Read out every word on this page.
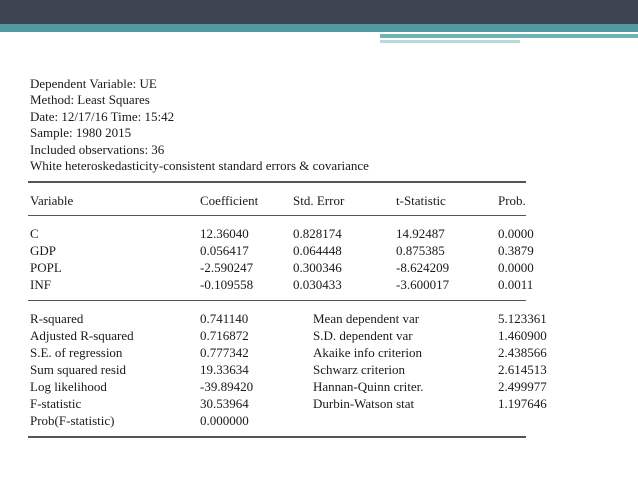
Dependent Variable: UE
Method: Least Squares
Date: 12/17/16 Time: 15:42
Sample: 1980 2015
Included observations: 36
White heteroskedasticity-consistent standard errors & covariance
Variable	Coefficient	Std. Error	t-Statistic	Prob.
C	12.36040	0.828174	14.92487	0.0000
GDP	0.056417	0.064448	0.875385	0.3879
POPL	-2.590247	0.300346	-8.624209	0.0000
INF	-0.109558	0.030433	-3.600017	0.0011
R-squared	0.741140	Mean dependent var	5.123361
Adjusted R-squared	0.716872	S.D. dependent var	1.460900
S.E. of regression	0.777342	Akaike info criterion	2.438566
Sum squared resid	19.33634	Schwarz criterion	2.614513
Log likelihood	-39.89420	Hannan-Quinn criter.	2.499977
F-statistic	30.53964	Durbin-Watson stat	1.197646
Prob(F-statistic)	0.000000
